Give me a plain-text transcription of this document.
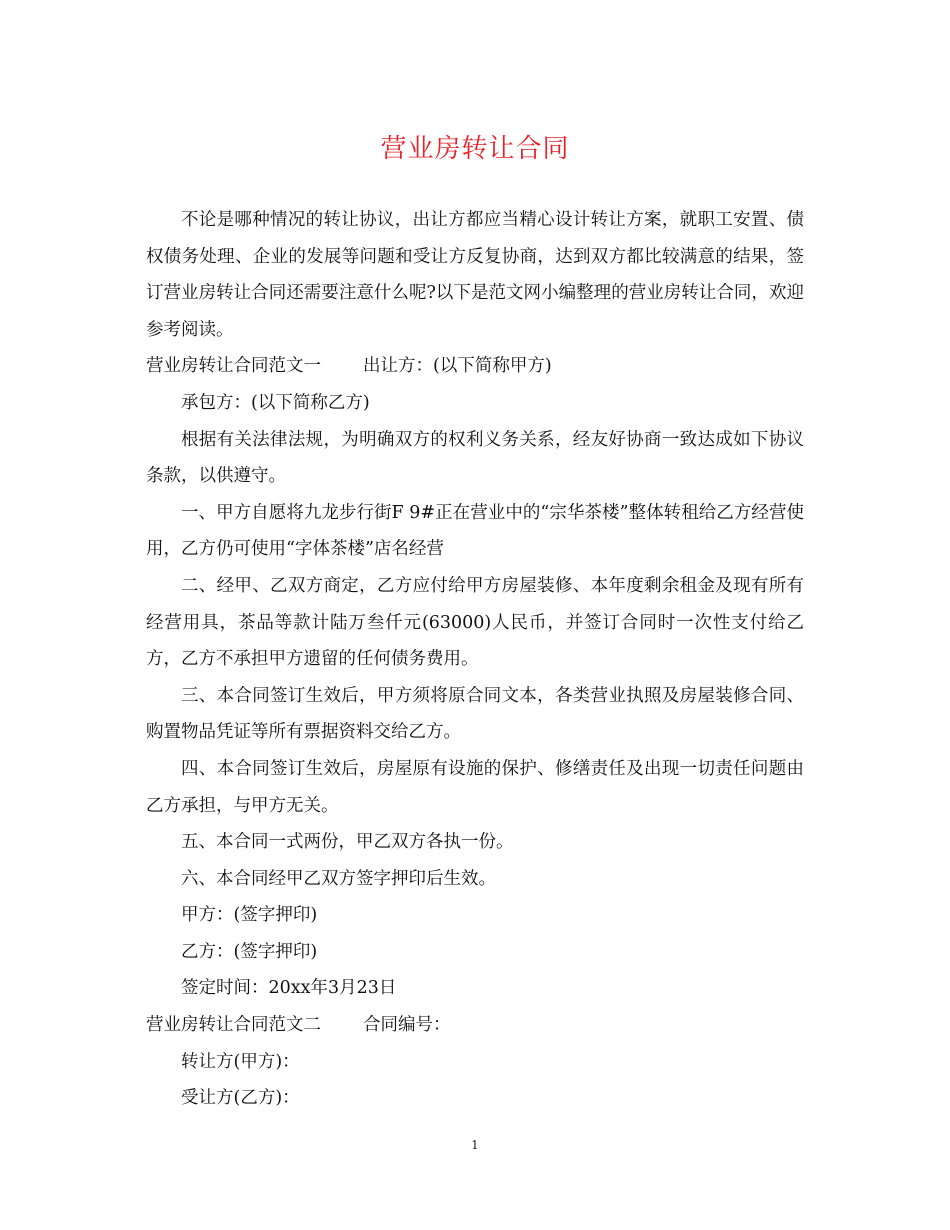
营业房转让合同

不论是哪种情况的转让协议，出让方都应当精心设计转让方案，就职工安置、债权债务处理、企业的发展等问题和受让方反复协商，达到双方都比较满意的结果，签订营业房转让合同还需要注意什么呢?以下是范文网小编整理的营业房转让合同，欢迎参考阅读。

营业房转让合同范文一 出让方：(以下简称甲方)

承包方：(以下简称乙方)

根据有关法律法规，为明确双方的权利义务关系，经友好协商一致达成如下协议条款，以供遵守。

一、甲方自愿将九龙步行街F 9#正在营业中的“宗华茶楼”整体转租给乙方经营使用，乙方仍可使用“字体茶楼”店名经营

二、经甲、乙双方商定，乙方应付给甲方房屋装修、本年度剩余租金及现有所有经营用具，茶品等款计陆万叁仟元(63000)人民币，并签订合同时一次性支付给乙方，乙方不承担甲方遗留的任何债务费用。

三、本合同签订生效后，甲方须将原合同文本，各类营业执照及房屋装修合同、购置物品凭证等所有票据资料交给乙方。

四、本合同签订生效后，房屋原有设施的保护、修缮责任及出现一切责任问题由乙方承担，与甲方无关。

五、本合同一式两份，甲乙双方各执一份。

六、本合同经甲乙双方签字押印后生效。

甲方：(签字押印)

乙方：(签字押印)

签定时间：20xx年3月23日

营业房转让合同范文二 合同编号：

转让方(甲方)：

受让方(乙方)：

1
